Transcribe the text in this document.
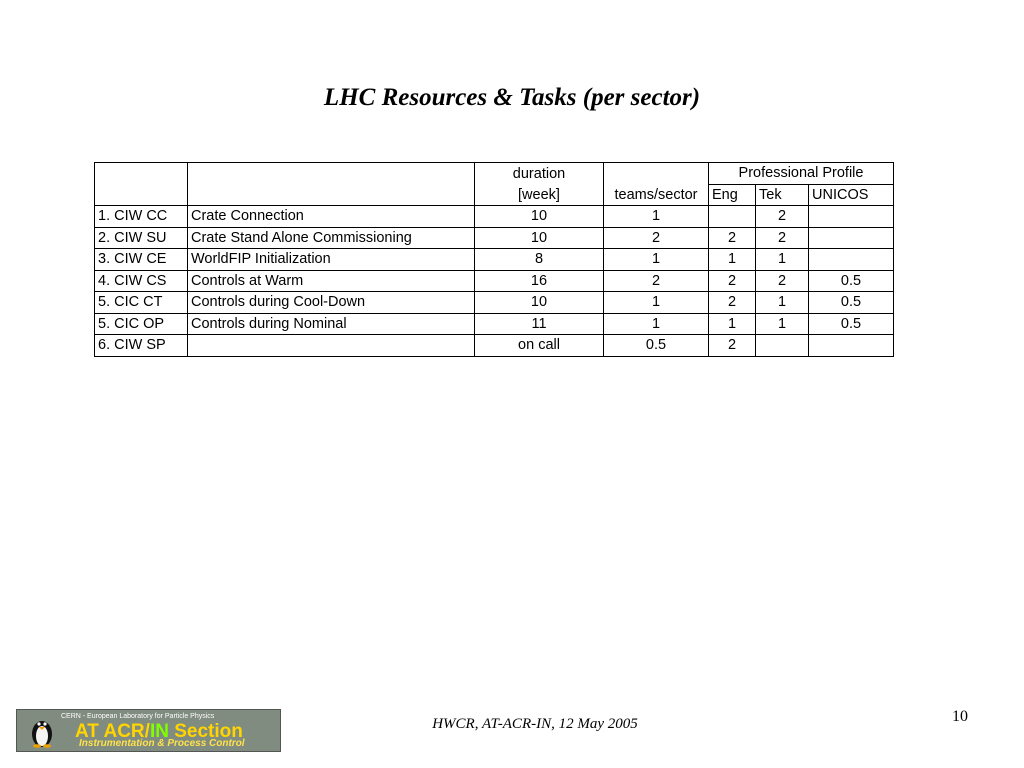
LHC Resources & Tasks (per sector)
		duration		Professional Profile		
		[week]	teams/sector	Eng	Tek	UNICOS
1. CIW CC	Crate Connection	10	1		2	
2. CIW SU	Crate Stand Alone Commissioning	10	2	2	2	
3. CIW CE	WorldFIP Initialization	8	1	1	1	
4. CIW CS	Controls at Warm	16	2	2	2	0.5
5. CIC CT	Controls during Cool-Down	10	1	2	1	0.5
5. CIC OP	Controls during Nominal	11	1	1	1	0.5
6. CIW SP		on call	0.5	2		
CERN - European Laboratory for Particle Physics
AT ACR/IN Section
Instrumentation & Process Control
HWCR, AT-ACR-IN, 12 May 2005	10
